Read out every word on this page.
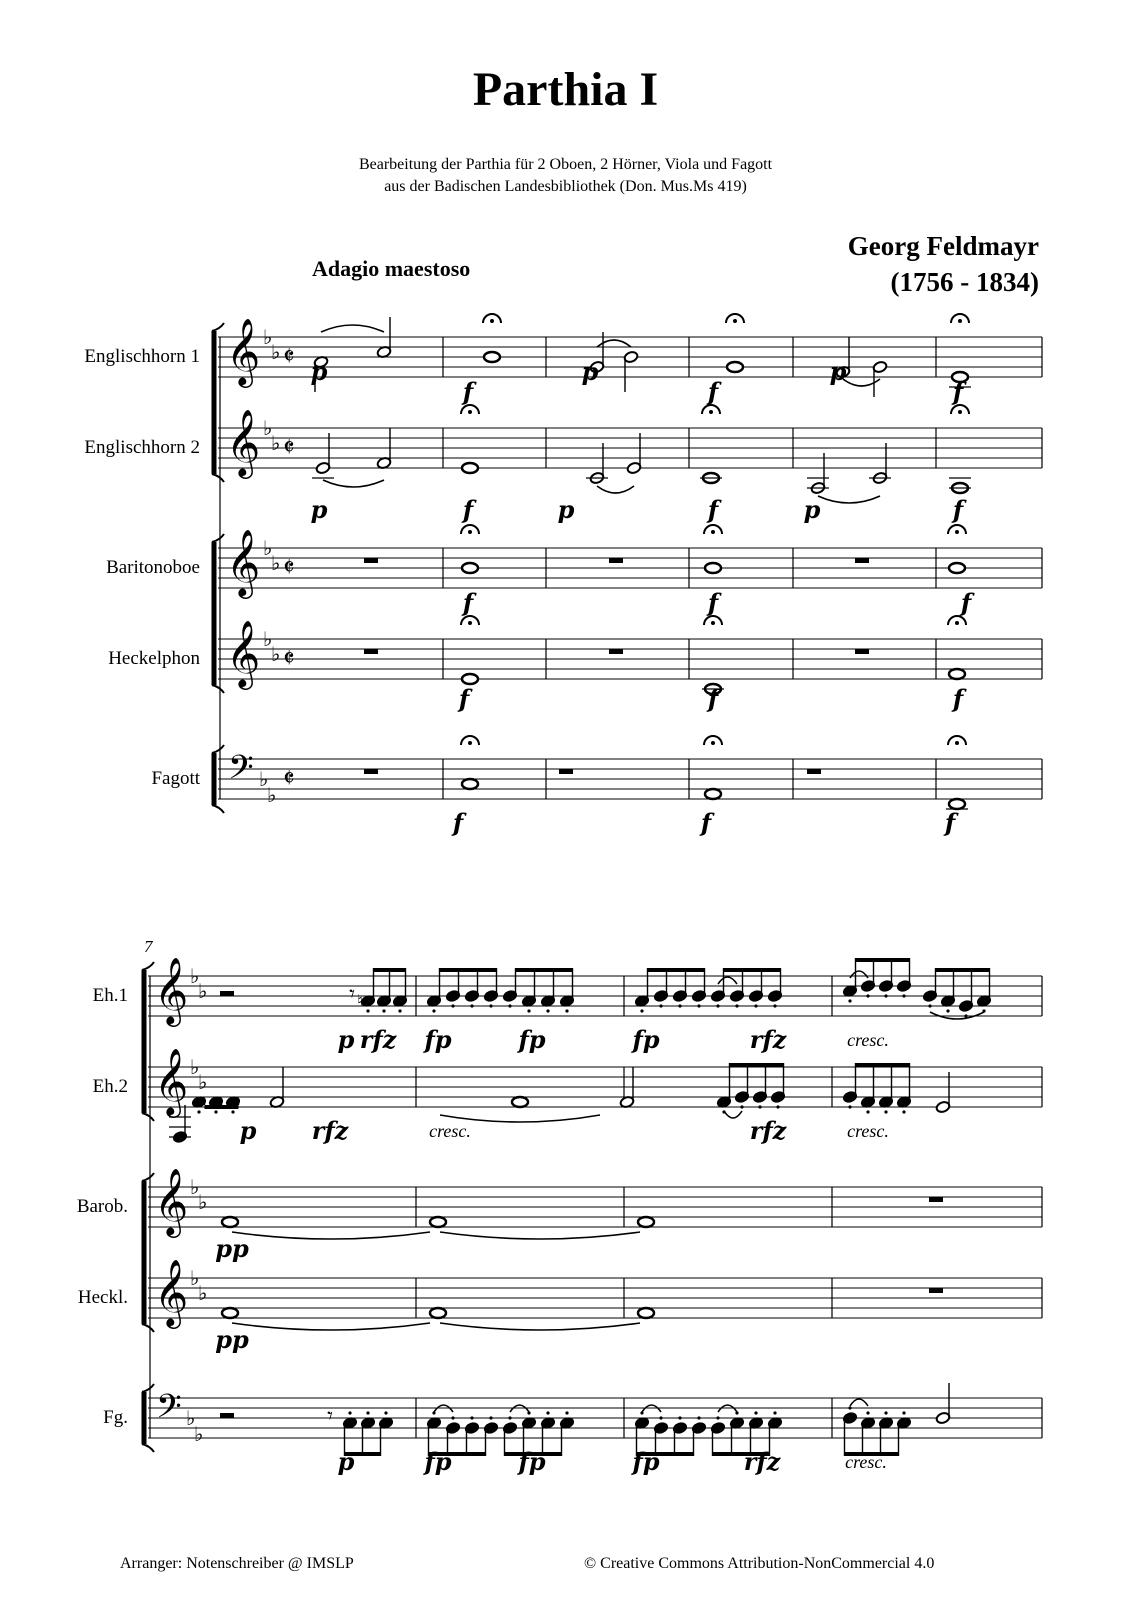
Parthia I
Bearbeitung der Parthia für 2 Oboen, 2 Hörner, Viola und Fagott
aus der Badischen Landesbibliothek (Don. Mus.Ms 419)
Georg Feldmayr
(1756 - 1834)
Adagio maestoso
Englischhorn 1
Englischhorn 2
Baritonoboe
Heckelphon
Fagott
Eh.1
Eh.2
Barob.
Heckl.
Fg.
7
𝄞 ♭
♭ 𝄵
𝄞 ♭
♭ 𝄵
𝄞 ♭
♭ 𝄵
𝄞 ♭
♭ 𝄵
𝄢 ♭
♭
𝄵
p
f
p
f
p
f
p	f	p	f	p	f
f	f	f
f	f	f
f	f	f
𝄞 ♭
♭
𝄞 ♭
♭
𝄞 ♭
♭
𝄞 ♭
♭
𝄢 ♭
♭
𝄾 ♮
p rfz fp	fp	fp	rfz	cresc.
p rfz	cresc.	rfz	cresc.
pp
pp
𝄾
p	fp	fp	fp	rfz	cresc.
Arranger: Notenschreiber @ IMSLP	© Creative Commons Attribution-NonCommercial 4.0
